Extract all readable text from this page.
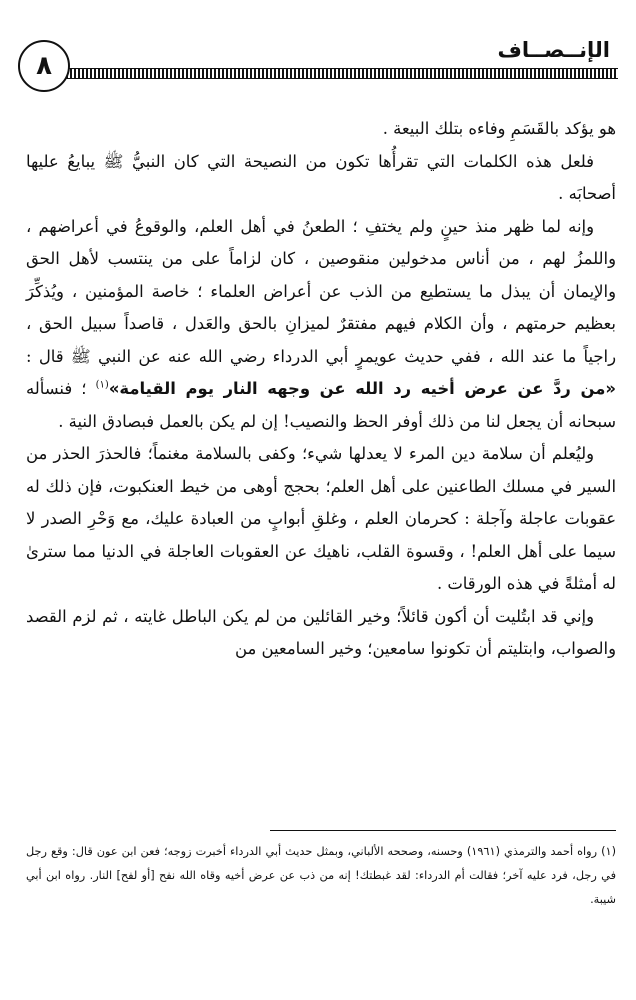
٨
الإنــصــاف

هو يؤكد بالقَسَمِ وفاءه بتلك البيعة .

فلعل هذه الكلمات التي تقرأُها تكون من النصيحة التي كان النبيُّ ﷺ يبايعُ عليها أصحابَه .

وإنه لما ظهر منذ حينٍ ولم يختفِ ؛ الطعنُ في أهل العلم، والوقوعُ في أعراضهم ، واللمزُ لهم ، من أناس مدخولين منقوصين ، كان لزاماً على من ينتسب لأهل الحق والإيمان أن يبذل ما يستطيع من الذب عن أعراض العلماء ؛ خاصة المؤمنين ، ويُذكِّرَ بعظيم حرمتهم ، وأن الكلام فيهم مفتقرٌ لميزانِ بالحق والعَدل ، قاصداً سبيل الحق ، راجياً ما عند الله ، ففي حديث عويمرٍ أبي الدرداء رضي الله عنه عن النبي ﷺ قال : «من ردَّ عن عرض أخيه رد الله عن وجهه النار يوم القيامة»$^{(١)}$ ؛ فنسأله سبحانه أن يجعل لنا من ذلك أوفر الحظ والنصيب! إن لم يكن بالعمل فبصادق النية .

وليُعلم أن سلامة دين المرء لا يعدلها شيء؛ وكفى بالسلامة مغنماً؛ فالحذرَ الحذر من السير في مسلك الطاعنين على أهل العلم؛ بحجج أوهى من خيط العنكبوت، فإن ذلك له عقوبات عاجلة وآجلة : كحرمان العلم ، وغلقِ أبوابٍ من العبادة عليك، مع وَحْرِ الصدر لا سيما على أهل العلم! ، وقسوة القلب، ناهيك عن العقوبات العاجلة في الدنيا مما سترىٰ له أمثلةً في هذه الورقات .

وإني قد ابتُليت أن أكون قائلاً؛ وخير القائلين من لم يكن الباطل غايته ، ثم لزم القصد والصواب، وابتليتم أن تكونوا سامعين؛ وخير السامعين من

(١) رواه أحمد والترمذي (١٩٦١) وحسنه، وصححه الألباني، وبمثل حديث أبي الدرداء أخبرت زوجه؛ فعن ابن عون قال: وقع رجل في رجل، فرد عليه آخر؛ فقالت أم الدرداء: لقد غبطتك! إنه من ذب عن عرض أخيه وقاه الله نفح [أو لفح] النار. رواه ابن أبي شيبة.
